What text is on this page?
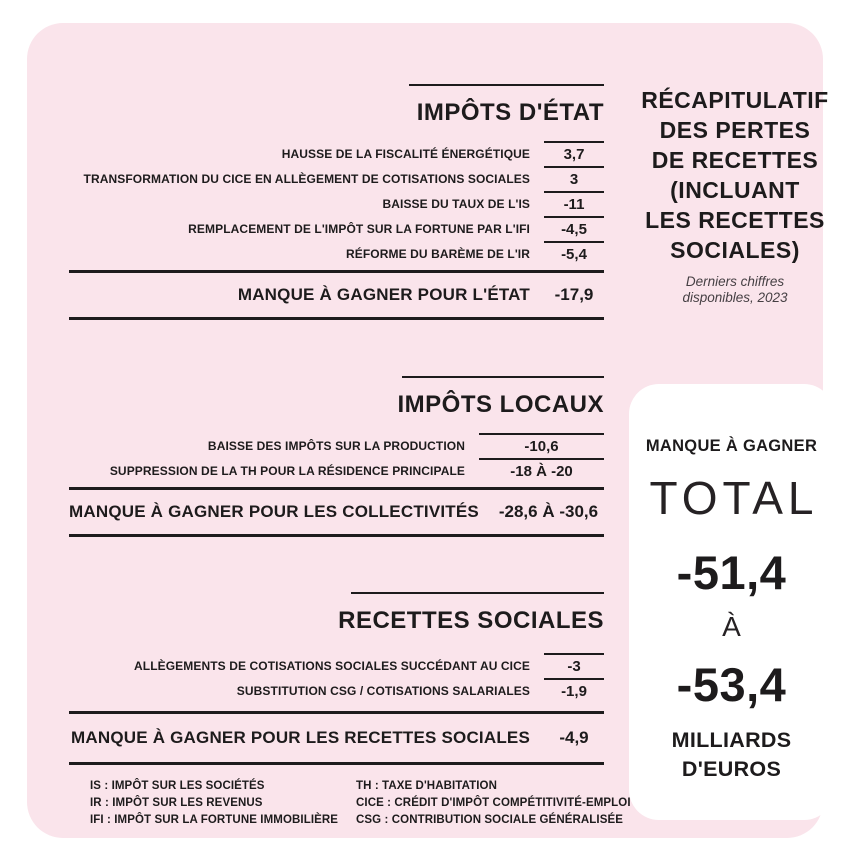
IMPÔTS D'ÉTAT
HAUSSE DE LA FISCALITÉ ÉNERGÉTIQUE	3,7
TRANSFORMATION DU CICE EN ALLÈGEMENT DE COTISATIONS SOCIALES	3
BAISSE DU TAUX DE L'IS	-11
REMPLACEMENT DE L'IMPÔT SUR LA FORTUNE PAR L'IFI	-4,5
RÉFORME DU BARÈME DE L'IR	-5,4
MANQUE À GAGNER POUR L'ÉTAT	-17,9
IMPÔTS LOCAUX
BAISSE DES IMPÔTS SUR LA PRODUCTION	-10,6
SUPPRESSION DE LA TH POUR LA RÉSIDENCE PRINCIPALE	-18 À -20
MANQUE À GAGNER POUR LES COLLECTIVITÉS	-28,6 À -30,6
RECETTES SOCIALES
ALLÈGEMENTS DE COTISATIONS SOCIALES SUCCÉDANT AU CICE	-3
SUBSTITUTION CSG / COTISATIONS SALARIALES	-1,9
MANQUE À GAGNER POUR LES RECETTES SOCIALES	-4,9
RÉCAPITULATIF
DES PERTES
DE RECETTES
(INCLUANT
LES RECETTES
SOCIALES)
Derniers chiffres
disponibles, 2023
MANQUE À GAGNER
TOTAL
-51,4
À
-53,4
MILLIARDS
D'EUROS
IS : IMPÔT SUR LES SOCIÉTÉS
IR : IMPÔT SUR LES REVENUS
IFI : IMPÔT SUR LA FORTUNE IMMOBILIÈRE
TH : TAXE D'HABITATION
CICE : CRÉDIT D'IMPÔT COMPÉTITIVITÉ-EMPLOI
CSG : CONTRIBUTION SOCIALE GÉNÉRALISÉE
